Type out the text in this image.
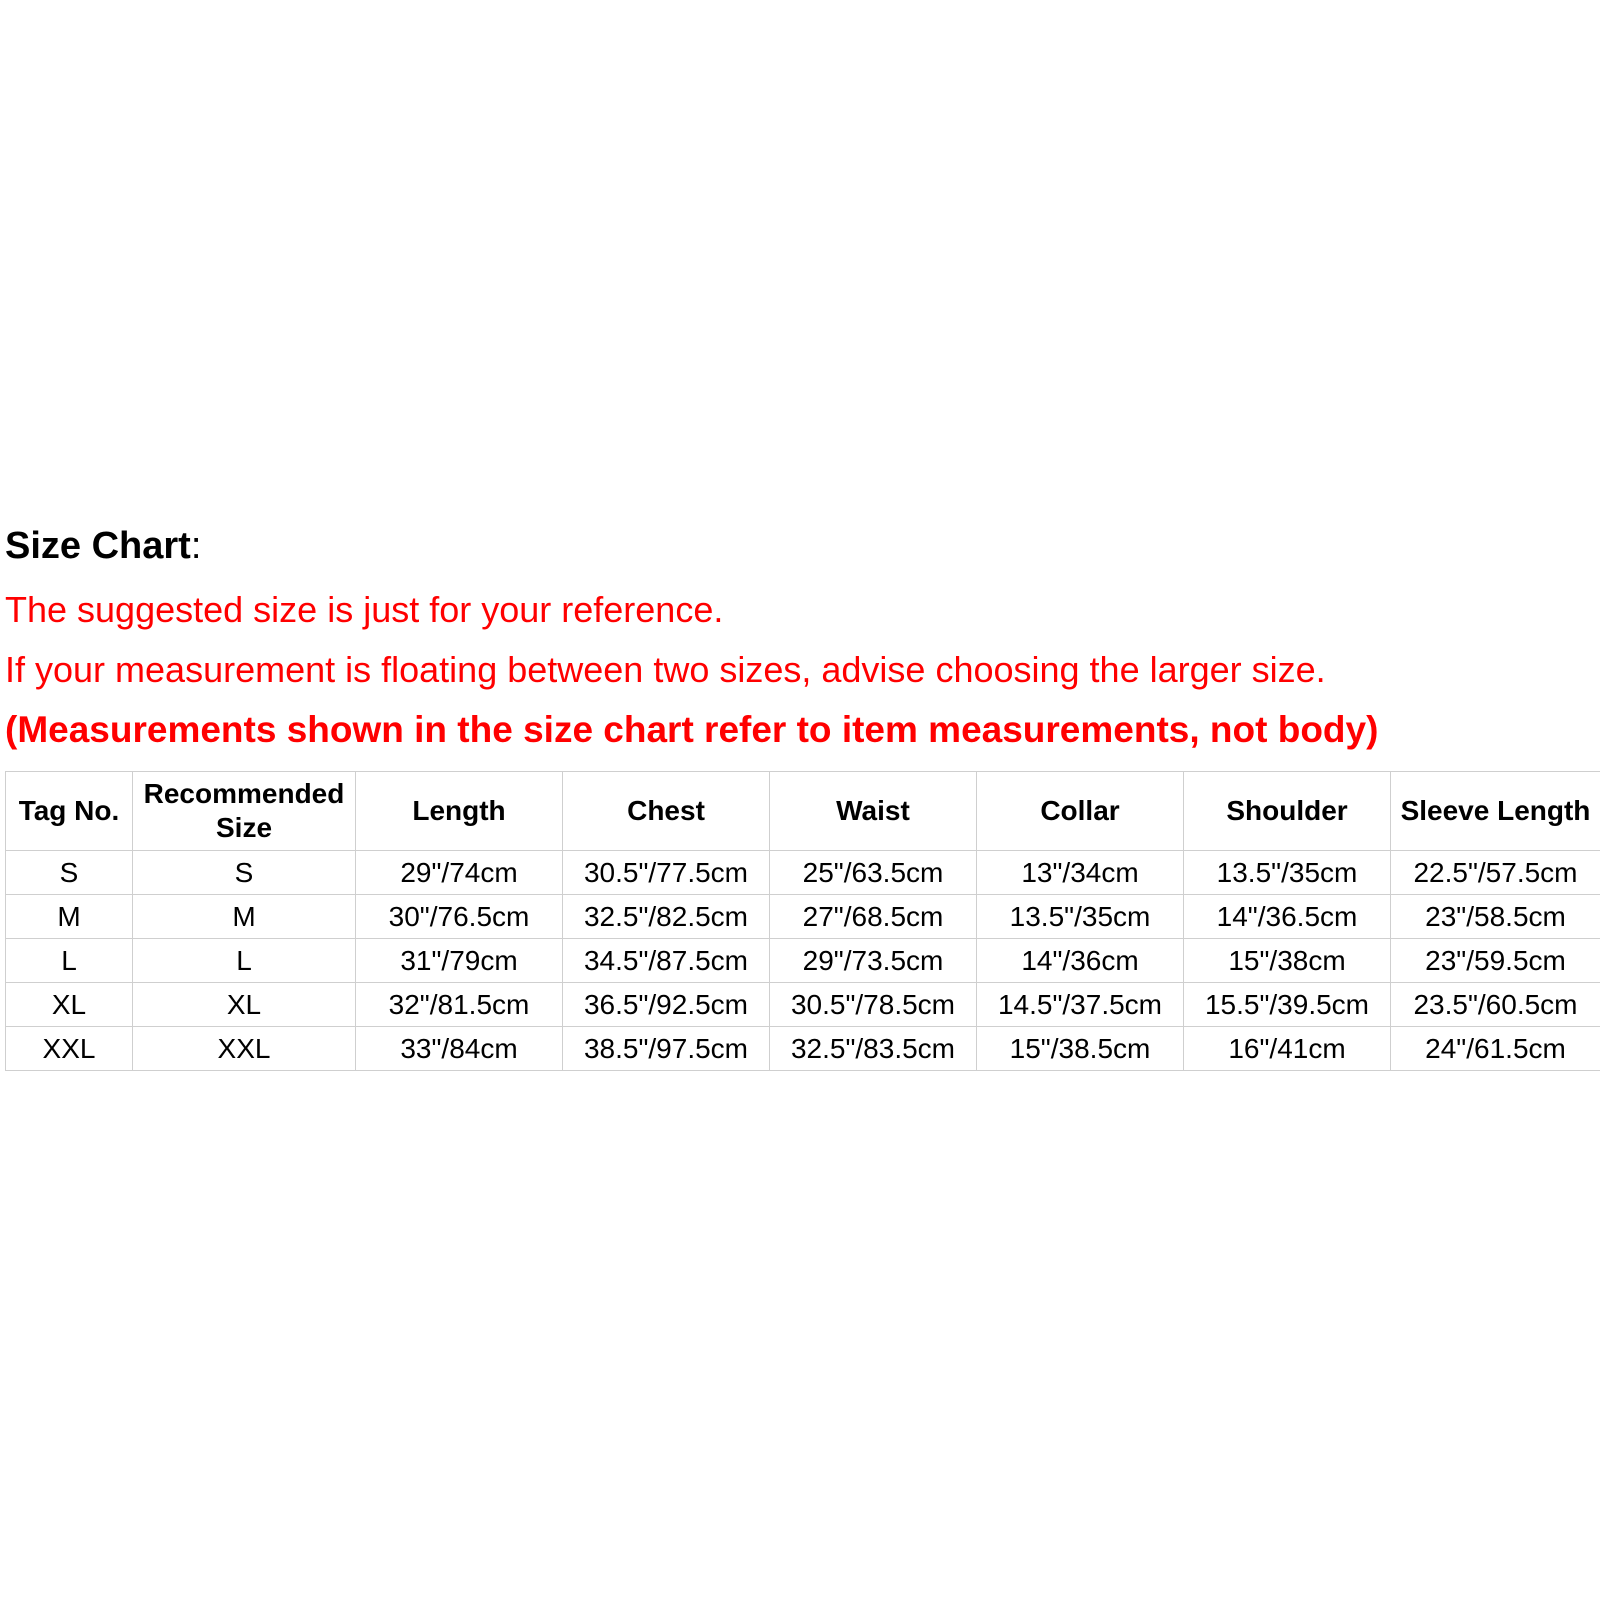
Size Chart:
The suggested size is just for your reference.
If your measurement is floating between two sizes, advise choosing the larger size.
(Measurements shown in the size chart refer to item measurements, not body)
Tag No.	Recommended Size	Length	Chest	Waist	Collar	Shoulder	Sleeve Length
S	S	29"/74cm	30.5"/77.5cm	25"/63.5cm	13"/34cm	13.5"/35cm	22.5"/57.5cm
M	M	30"/76.5cm	32.5"/82.5cm	27"/68.5cm	13.5"/35cm	14"/36.5cm	23"/58.5cm
L	L	31"/79cm	34.5"/87.5cm	29"/73.5cm	14"/36cm	15"/38cm	23"/59.5cm
XL	XL	32"/81.5cm	36.5"/92.5cm	30.5"/78.5cm	14.5"/37.5cm	15.5"/39.5cm	23.5"/60.5cm
XXL	XXL	33"/84cm	38.5"/97.5cm	32.5"/83.5cm	15"/38.5cm	16"/41cm	24"/61.5cm
